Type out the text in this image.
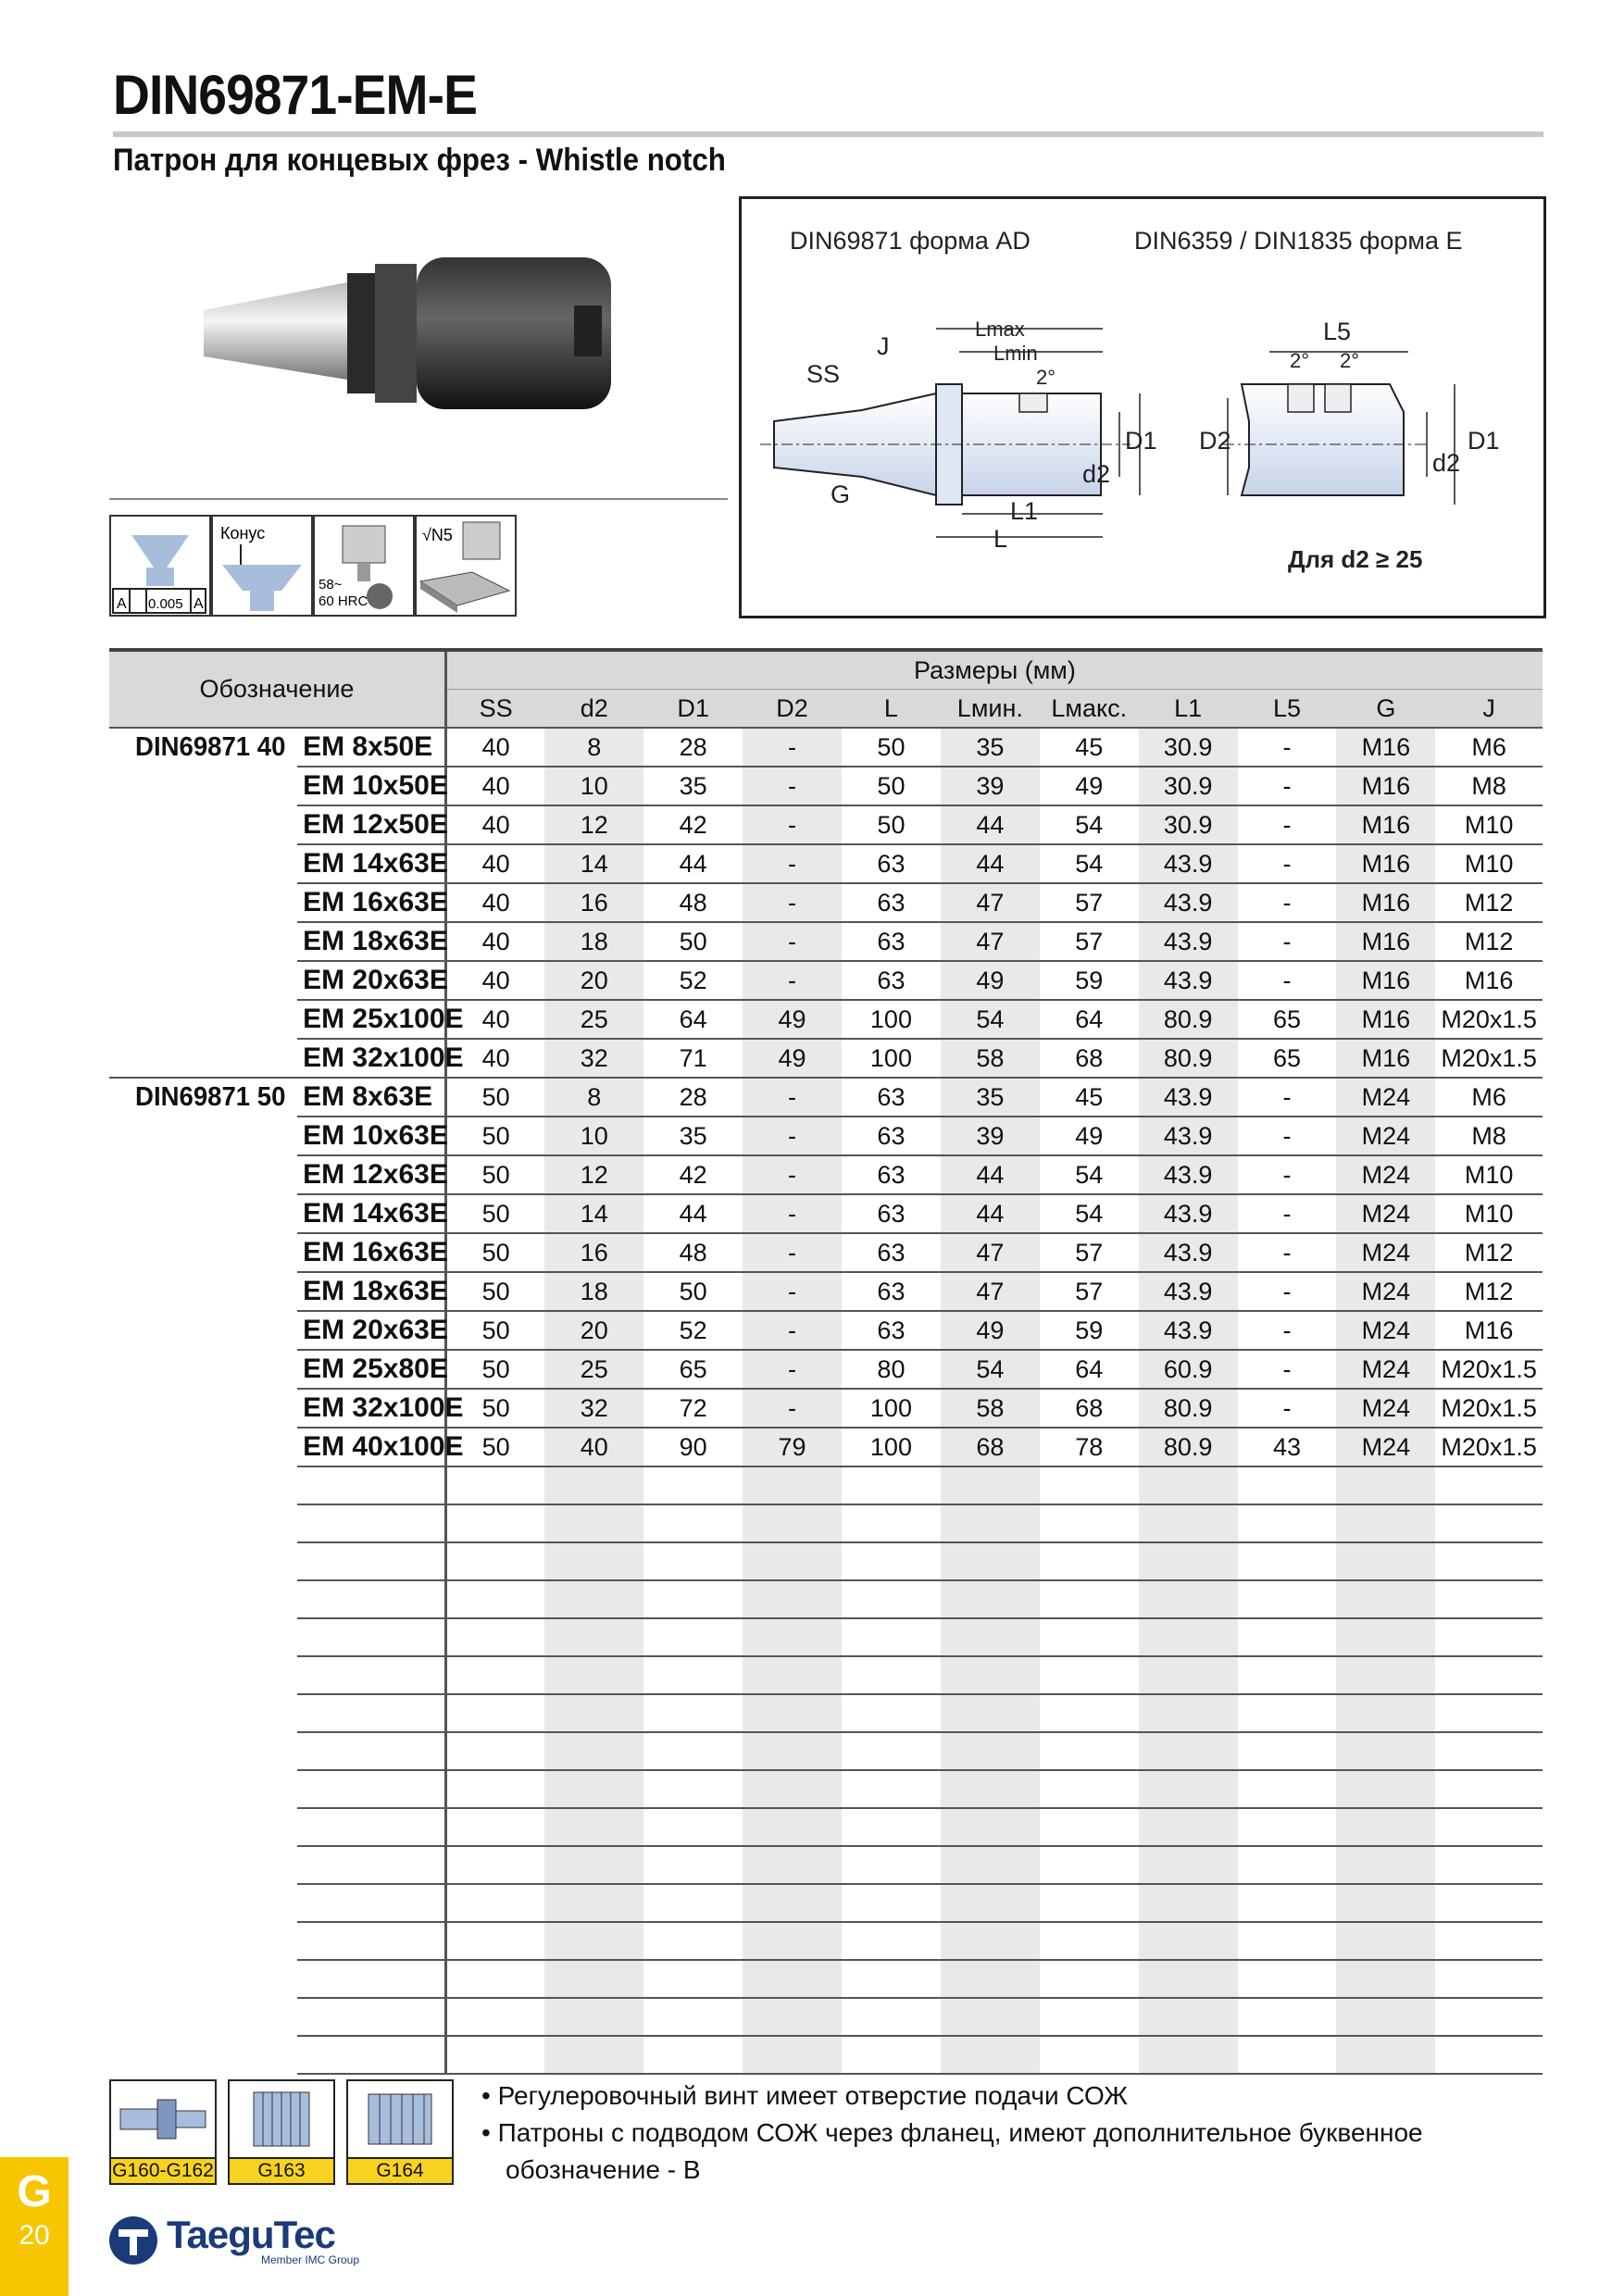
DIN69871-EM-E
Патрон для концевых фрез - Whistle notch
A 0.005 A
Конус
58~
60 HRC
√N5
DIN69871 форма AD	DIN6359 / DIN1835 форма E
Lmax
Lmin
J
SS
G
2°
D1
d2
L1
L
L5
D2
2° 2°
D1
d2
Для d2 ≥ 25
Обозначение		Размеры (мм)										
		SS	d2	D1	D2	L	Lмин.	Lмакс.	L1	L5	G	J
DIN69871 40	EM 8x50E	40	8	28	-	50	35	45	30.9	-	M16	M6
	EM 10x50E	40	10	35	-	50	39	49	30.9	-	M16	M8
	EM 12x50E	40	12	42	-	50	44	54	30.9	-	M16	M10
	EM 14x63E	40	14	44	-	63	44	54	43.9	-	M16	M10
	EM 16x63E	40	16	48	-	63	47	57	43.9	-	M16	M12
	EM 18x63E	40	18	50	-	63	47	57	43.9	-	M16	M12
	EM 20x63E	40	20	52	-	63	49	59	43.9	-	M16	M16
	EM 25x100E	40	25	64	49	100	54	64	80.9	65	M16	M20x1.5
	EM 32x100E	40	32	71	49	100	58	68	80.9	65	M16	M20x1.5
DIN69871 50	EM 8x63E	50	8	28	-	63	35	45	43.9	-	M24	M6
	EM 10x63E	50	10	35	-	63	39	49	43.9	-	M24	M8
	EM 12x63E	50	12	42	-	63	44	54	43.9	-	M24	M10
	EM 14x63E	50	14	44	-	63	44	54	43.9	-	M24	M10
	EM 16x63E	50	16	48	-	63	47	57	43.9	-	M24	M12
	EM 18x63E	50	18	50	-	63	47	57	43.9	-	M24	M12
	EM 20x63E	50	20	52	-	63	49	59	43.9	-	M24	M16
	EM 25x80E	50	25	65	-	80	54	64	60.9	-	M24	M20x1.5
	EM 32x100E	50	32	72	-	100	58	68	80.9	-	M24	M20x1.5
	EM 40x100E	50	40	90	79	100	68	78	80.9	43	M24	M20x1.5

G160-G162	G163	G164
• Регулеровочный винт имеет отверстие подачи СОЖ
• Патроны с подводом СОЖ через фланец, имеют дополнительное буквенное
обозначение - B
G
20	TaeguTec
Member IMC Group
